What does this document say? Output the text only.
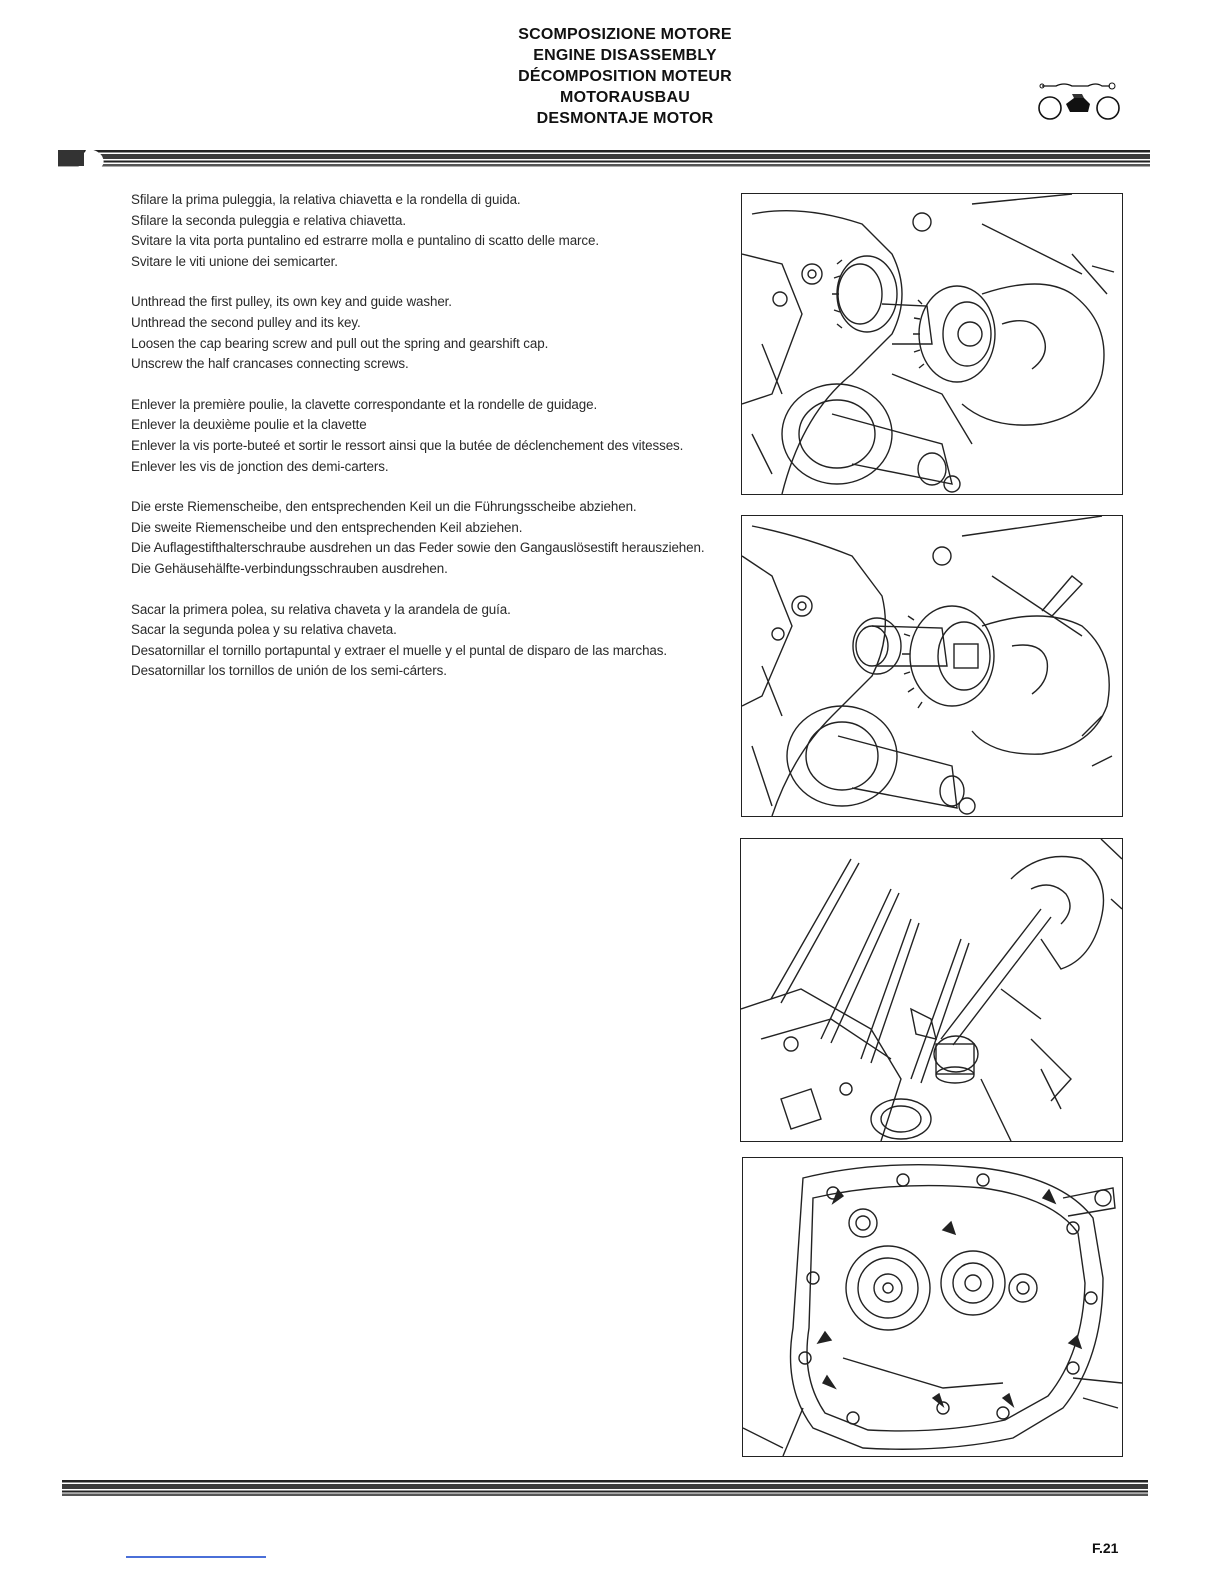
SCOMPOSIZIONE MOTORE
ENGINE DISASSEMBLY
DÉCOMPOSITION MOTEUR
MOTORAUSBAU
DESMONTAJE MOTOR

Sfilare la prima puleggia, la relativa chiavetta e la rondella di guida.

Sfilare la seconda puleggia e relativa chiavetta.

Svitare la vita porta puntalino ed estrarre molla e puntalino di scatto delle marce.

Svitare le viti unione dei semicarter.

Unthread the first pulley, its own key and guide washer.

Unthread the second pulley and its key.

Loosen the cap bearing screw and pull out the spring and gearshift cap.

Unscrew the half crancases connecting screws.

Enlever la première poulie, la clavette correspondante et la rondelle de guidage.

Enlever la deuxième poulie et la clavette

Enlever la vis porte-buteé et sortir le ressort ainsi que la butée de déclenchement des vitesses.

Enlever les vis de jonction des demi-carters.

Die erste Riemenscheibe, den entsprechenden Keil un die Führungsscheibe abziehen.

Die sweite Riemenscheibe und den entsprechenden Keil abziehen.

Die Auflagestifthalterschraube ausdrehen un das Feder sowie den Gangauslösestift herausziehen.

Die Gehäusehälfte-verbindungsschrauben ausdrehen.

Sacar la primera polea, su relativa chaveta y la arandela de guía.

Sacar la segunda polea y su relativa chaveta.

Desatornillar el tornillo portapuntal y extraer el muelle y el puntal de disparo de las marchas.

Desatornillar los tornillos de unión de los semi-cárters.

F.21
